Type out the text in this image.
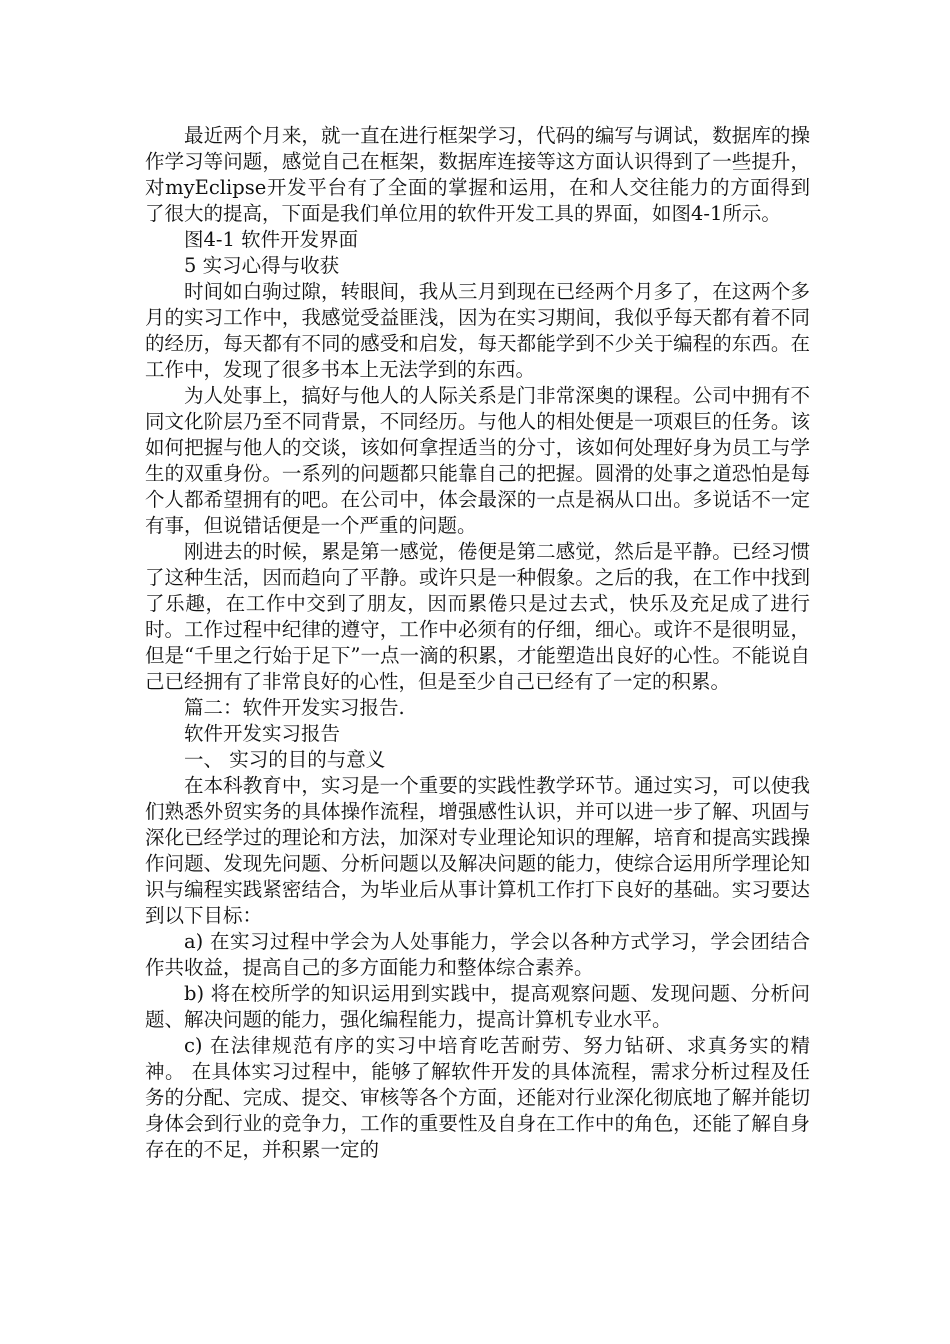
最近两个月来，就一直在进行框架学习，代码的编写与调试，数据库的操作学习等问题，感觉自己在框架，数据库连接等这方面认识得到了一些提升，对myEclipse开发平台有了全面的掌握和运用，在和人交往能力的方面得到了很大的提高，下面是我们单位用的软件开发工具的界面，如图4-1所示。

图4-1 软件开发界面

5 实习心得与收获

时间如白驹过隙，转眼间，我从三月到现在已经两个月多了，在这两个多月的实习工作中，我感觉受益匪浅，因为在实习期间，我似乎每天都有着不同的经历，每天都有不同的感受和启发，每天都能学到不少关于编程的东西。在工作中，发现了很多书本上无法学到的东西。

为人处事上，搞好与他人的人际关系是门非常深奥的课程。公司中拥有不同文化阶层乃至不同背景，不同经历。与他人的相处便是一项艰巨的任务。该如何把握与他人的交谈，该如何拿捏适当的分寸，该如何处理好身为员工与学生的双重身份。一系列的问题都只能靠自己的把握。圆滑的处事之道恐怕是每个人都希望拥有的吧。在公司中，体会最深的一点是祸从口出。多说话不一定有事，但说错话便是一个严重的问题。

刚进去的时候，累是第一感觉，倦便是第二感觉，然后是平静。已经习惯了这种生活，因而趋向了平静。或许只是一种假象。之后的我，在工作中找到了乐趣，在工作中交到了朋友，因而累倦只是过去式，快乐及充足成了进行时。工作过程中纪律的遵守，工作中必须有的仔细，细心。或许不是很明显，但是“千里之行始于足下”一点一滴的积累，才能塑造出良好的心性。不能说自己已经拥有了非常良好的心性，但是至少自己已经有了一定的积累。

篇二：软件开发实习报告.

软件开发实习报告

一、 实习的目的与意义

在本科教育中，实习是一个重要的实践性教学环节。通过实习，可以使我们熟悉外贸实务的具体操作流程，增强感性认识，并可以进一步了解、巩固与深化已经学过的理论和方法，加深对专业理论知识的理解，培育和提高实践操作问题、发现先问题、分析问题以及解决问题的能力，使综合运用所学理论知识与编程实践紧密结合，为毕业后从事计算机工作打下良好的基础。实习要达到以下目标：

a) 在实习过程中学会为人处事能力，学会以各种方式学习，学会团结合作共收益，提高自己的多方面能力和整体综合素养。

b) 将在校所学的知识运用到实践中，提高观察问题、发现问题、分析问题、解决问题的能力，强化编程能力，提高计算机专业水平。

c) 在法律规范有序的实习中培育吃苦耐劳、努力钻研、求真务实的精神。 在具体实习过程中，能够了解软件开发的具体流程，需求分析过程及任务的分配、完成、提交、审核等各个方面，还能对行业深化彻底地了解并能切身体会到行业的竞争力，工作的重要性及自身在工作中的角色，还能了解自身存在的不足，并积累一定的
